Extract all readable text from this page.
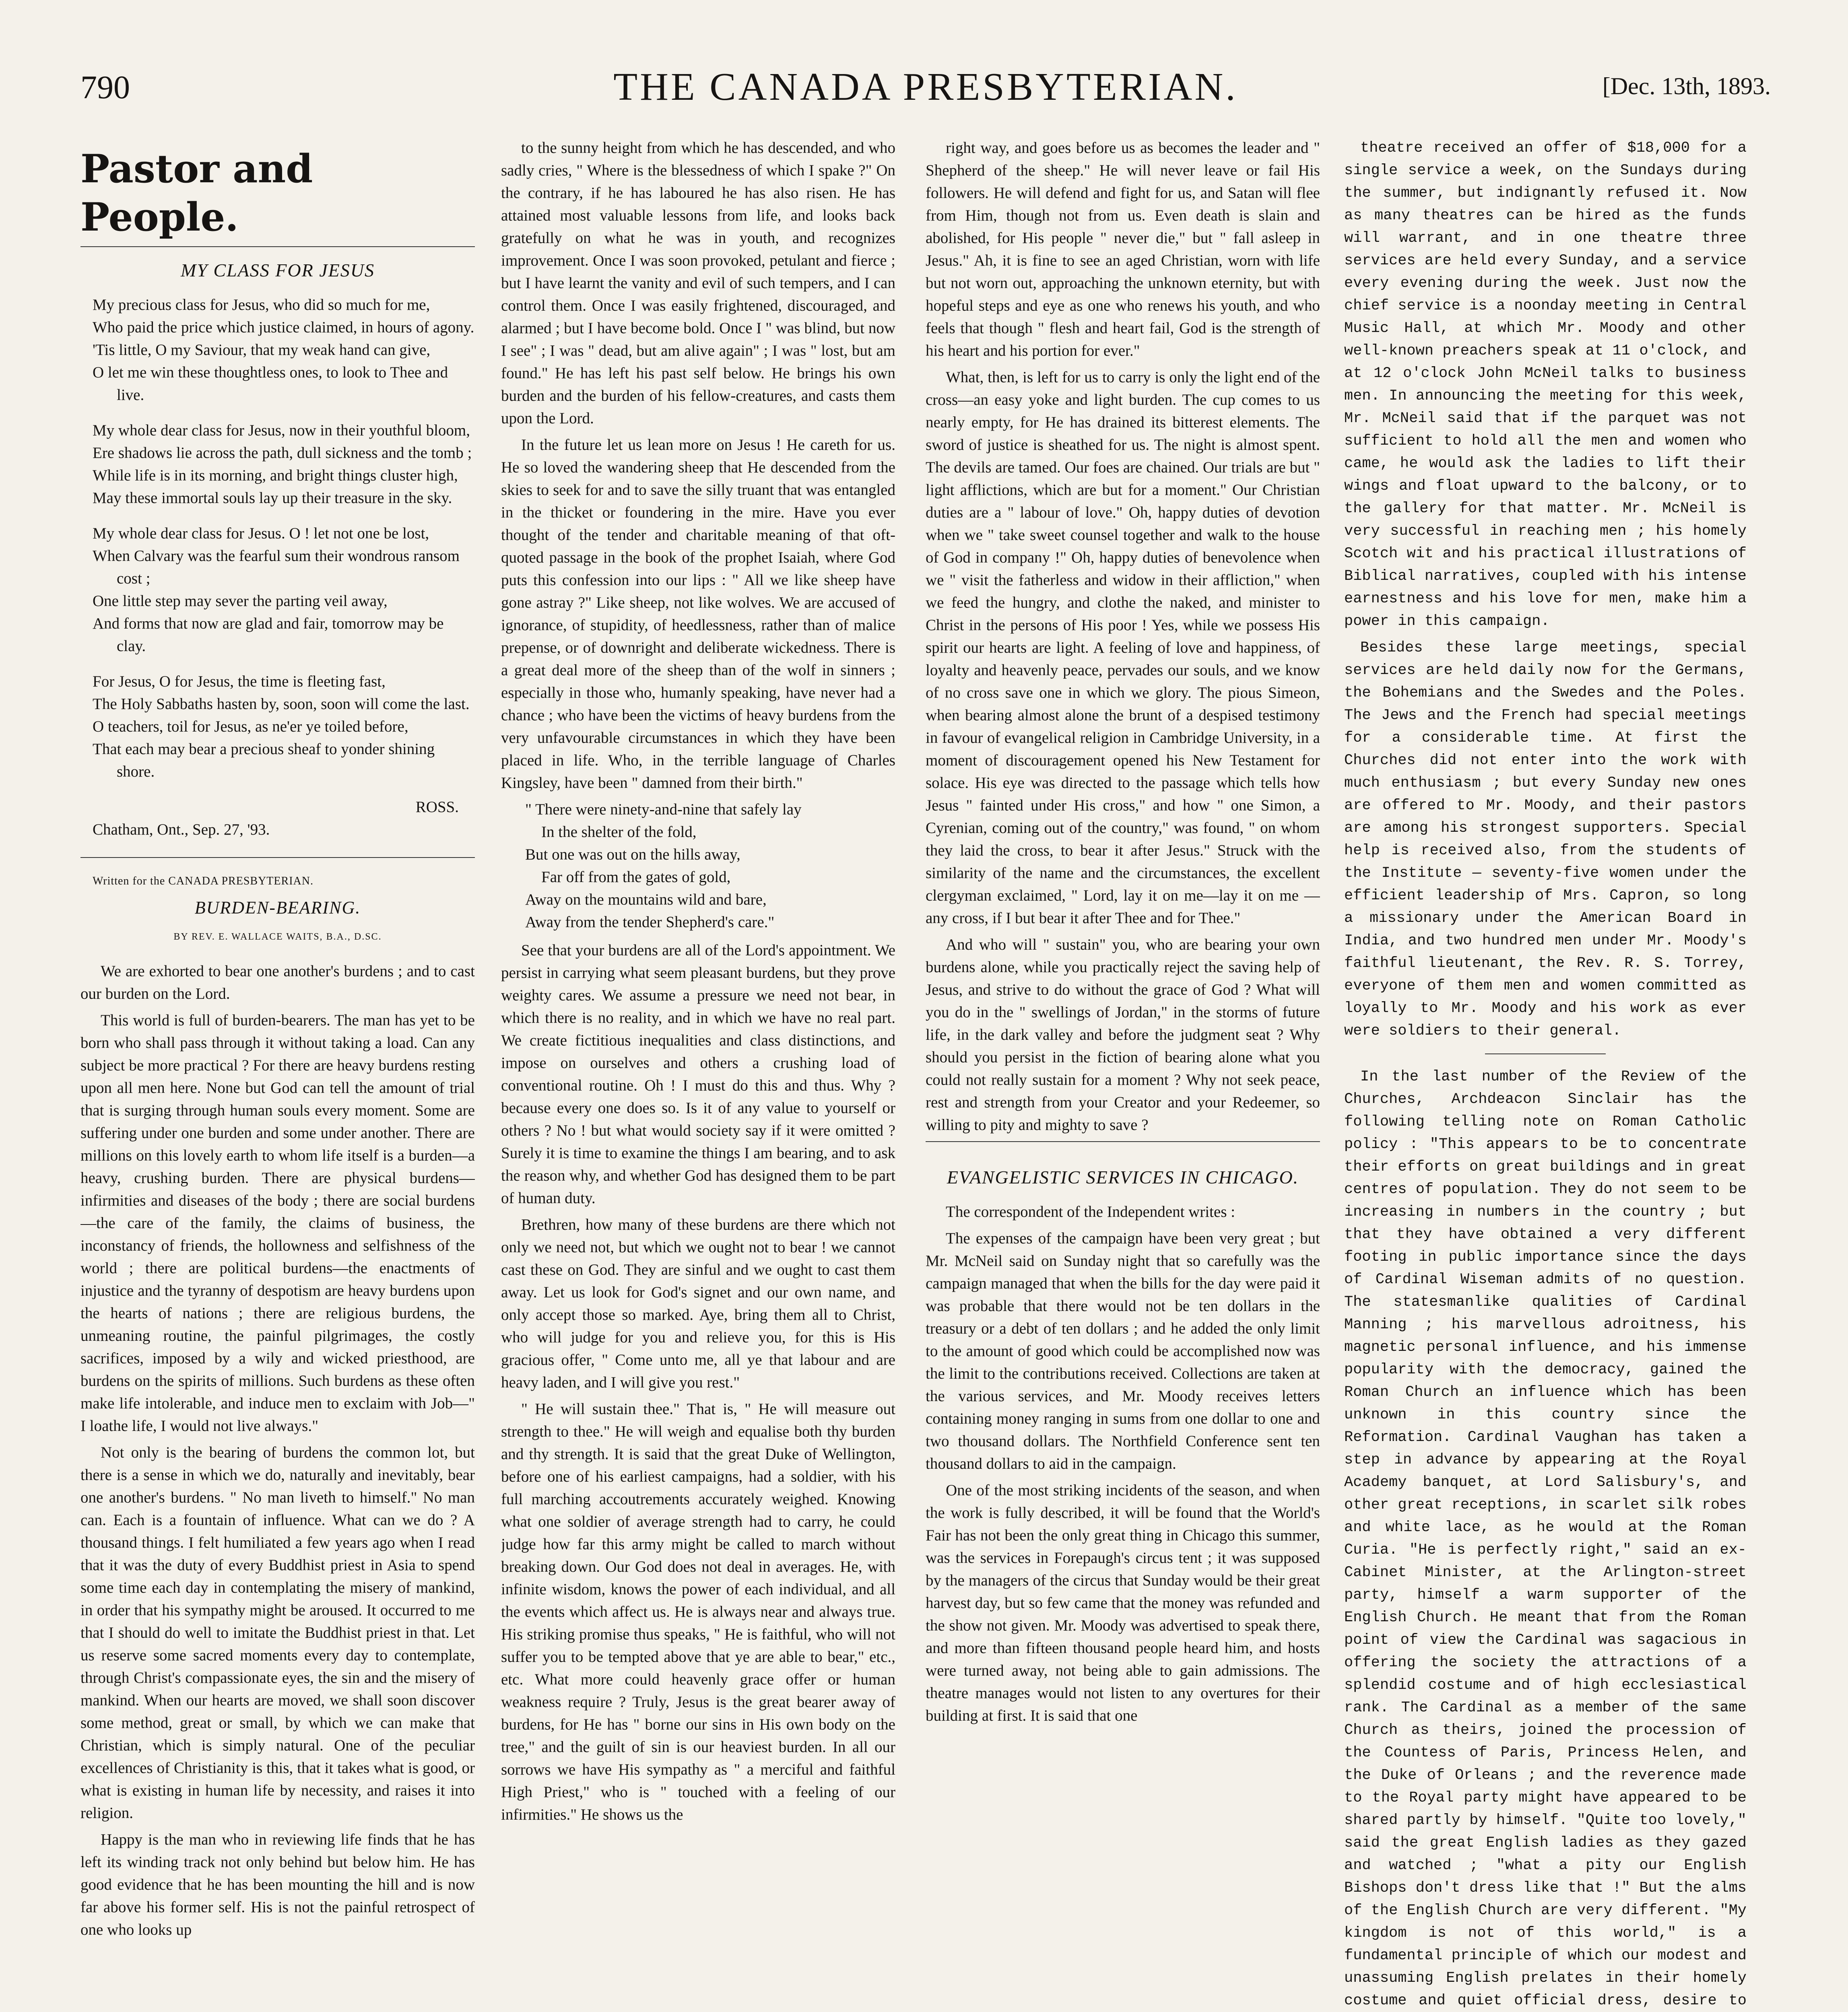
790	THE CANADA PRESBYTERIAN.	[Dec. 13th, 1893.
Pastor and People.
MY CLASS FOR JESUS
My precious class for Jesus, who did so much for me,
Who paid the price which justice claimed, in hours of agony.
'Tis little, O my Saviour, that my weak hand can give,
O let me win these thoughtless ones, to look to Thee and live.
My whole dear class for Jesus, now in their youthful bloom,
Ere shadows lie across the path, dull sickness and the tomb ;
While life is in its morning, and bright things cluster high,
May these immortal souls lay up their treasure in the sky.
My whole dear class for Jesus. O ! let not one be lost,
When Calvary was the fearful sum their wondrous ransom cost ;
One little step may sever the parting veil away,
And forms that now are glad and fair, tomorrow may be clay.
For Jesus, O for Jesus, the time is fleeting fast,
The Holy Sabbaths hasten by, soon, soon will come the last.
O teachers, toil for Jesus, as ne'er ye toiled before,
That each may bear a precious sheaf to yonder shining shore.
ROSS.
Chatham, Ont., Sep. 27, '93.
Written for the CANADA PRESBYTERIAN.
BURDEN-BEARING.
BY REV. E. WALLACE WAITS, B.A., D.SC.

We are exhorted to bear one another's burdens ; and to cast our burden on the Lord.

This world is full of burden-bearers. The man has yet to be born who shall pass through it without taking a load. Can any subject be more practical ? For there are heavy burdens resting upon all men here. None but God can tell the amount of trial that is surging through human souls every moment. Some are suffering under one burden and some under another. There are millions on this lovely earth to whom life itself is a burden—a heavy, crushing burden. There are physical burdens—infirmities and diseases of the body ; there are social burdens—the care of the family, the claims of business, the inconstancy of friends, the hollowness and selfishness of the world ; there are political burdens—the enactments of injustice and the tyranny of despotism are heavy burdens upon the hearts of nations ; there are religious burdens, the unmeaning routine, the painful pilgrimages, the costly sacrifices, imposed by a wily and wicked priesthood, are burdens on the spirits of millions. Such burdens as these often make life intolerable, and induce men to exclaim with Job—" I loathe life, I would not live always."

Not only is the bearing of burdens the common lot, but there is a sense in which we do, naturally and inevitably, bear one another's burdens. " No man liveth to himself." No man can. Each is a fountain of influence. What can we do ? A thousand things. I felt humiliated a few years ago when I read that it was the duty of every Buddhist priest in Asia to spend some time each day in contemplating the misery of mankind, in order that his sympathy might be aroused. It occurred to me that I should do well to imitate the Buddhist priest in that. Let us reserve some sacred moments every day to contemplate, through Christ's compassionate eyes, the sin and the misery of mankind. When our hearts are moved, we shall soon discover some method, great or small, by which we can make that Christian, which is simply natural. One of the peculiar excellences of Christianity is this, that it takes what is good, or what is existing in human life by necessity, and raises it into religion.

Happy is the man who in reviewing life finds that he has left its winding track not only behind but below him. He has good evidence that he has been mounting the hill and is now far above his former self. His is not the painful retrospect of one who looks up

to the sunny height from which he has descended, and who sadly cries, " Where is the blessedness of which I spake ?" On the contrary, if he has laboured he has also risen. He has attained most valuable lessons from life, and looks back gratefully on what he was in youth, and recognizes improvement. Once I was soon provoked, petulant and fierce ; but I have learnt the vanity and evil of such tempers, and I can control them. Once I was easily frightened, discouraged, and alarmed ; but I have become bold. Once I " was blind, but now I see" ; I was " dead, but am alive again" ; I was " lost, but am found." He has left his past self below. He brings his own burden and the burden of his fellow-creatures, and casts them upon the Lord.

In the future let us lean more on Jesus ! He careth for us. He so loved the wandering sheep that He descended from the skies to seek for and to save the silly truant that was entangled in the thicket or foundering in the mire. Have you ever thought of the tender and charitable meaning of that oft-quoted passage in the book of the prophet Isaiah, where God puts this confession into our lips : " All we like sheep have gone astray ?" Like sheep, not like wolves. We are accused of ignorance, of stupidity, of heedlessness, rather than of malice prepense, or of downright and deliberate wickedness. There is a great deal more of the sheep than of the wolf in sinners ; especially in those who, humanly speaking, have never had a chance ; who have been the victims of heavy burdens from the very unfavourable circumstances in which they have been placed in life. Who, in the terrible language of Charles Kingsley, have been " damned from their birth."

" There were ninety-and-nine that safely lay
In the shelter of the fold,
But one was out on the hills away,
Far off from the gates of gold,
Away on the mountains wild and bare,
Away from the tender Shepherd's care."

See that your burdens are all of the Lord's appointment. We persist in carrying what seem pleasant burdens, but they prove weighty cares. We assume a pressure we need not bear, in which there is no reality, and in which we have no real part. We create fictitious inequalities and class distinctions, and impose on ourselves and others a crushing load of conventional routine. Oh ! I must do this and thus. Why ? because every one does so. Is it of any value to yourself or others ? No ! but what would society say if it were omitted ? Surely it is time to examine the things I am bearing, and to ask the reason why, and whether God has designed them to be part of human duty.

Brethren, how many of these burdens are there which not only we need not, but which we ought not to bear ! we cannot cast these on God. They are sinful and we ought to cast them away. Let us look for God's signet and our own name, and only accept those so marked. Aye, bring them all to Christ, who will judge for you and relieve you, for this is His gracious offer, " Come unto me, all ye that labour and are heavy laden, and I will give you rest."

" He will sustain thee." That is, " He will measure out strength to thee." He will weigh and equalise both thy burden and thy strength. It is said that the great Duke of Wellington, before one of his earliest campaigns, had a soldier, with his full marching accoutrements accurately weighed. Knowing what one soldier of average strength had to carry, he could judge how far this army might be called to march without breaking down. Our God does not deal in averages. He, with infinite wisdom, knows the power of each individual, and all the events which affect us. He is always near and always true. His striking promise thus speaks, " He is faithful, who will not suffer you to be tempted above that ye are able to bear," etc., etc. What more could heavenly grace offer or human weakness require ? Truly, Jesus is the great bearer away of burdens, for He has " borne our sins in His own body on the tree," and the guilt of sin is our heaviest burden. In all our sorrows we have His sympathy as " a merciful and faithful High Priest," who is " touched with a feeling of our infirmities." He shows us the

right way, and goes before us as becomes the leader and " Shepherd of the sheep." He will never leave or fail His followers. He will defend and fight for us, and Satan will flee from Him, though not from us. Even death is slain and abolished, for His people " never die," but " fall asleep in Jesus." Ah, it is fine to see an aged Christian, worn with life but not worn out, approaching the unknown eternity, but with hopeful steps and eye as one who renews his youth, and who feels that though " flesh and heart fail, God is the strength of his heart and his portion for ever."

What, then, is left for us to carry is only the light end of the cross—an easy yoke and light burden. The cup comes to us nearly empty, for He has drained its bitterest elements. The sword of justice is sheathed for us. The night is almost spent. The devils are tamed. Our foes are chained. Our trials are but " light afflictions, which are but for a moment." Our Christian duties are a " labour of love." Oh, happy duties of devotion when we " take sweet counsel together and walk to the house of God in company !" Oh, happy duties of benevolence when we " visit the fatherless and widow in their affliction," when we feed the hungry, and clothe the naked, and minister to Christ in the persons of His poor ! Yes, while we possess His spirit our hearts are light. A feeling of love and happiness, of loyalty and heavenly peace, pervades our souls, and we know of no cross save one in which we glory. The pious Simeon, when bearing almost alone the brunt of a despised testimony in favour of evangelical religion in Cambridge University, in a moment of discouragement opened his New Testament for solace. His eye was directed to the passage which tells how Jesus " fainted under His cross," and how " one Simon, a Cyrenian, coming out of the country," was found, " on whom they laid the cross, to bear it after Jesus." Struck with the similarity of the name and the circumstances, the excellent clergyman exclaimed, " Lord, lay it on me—lay it on me — any cross, if I but bear it after Thee and for Thee."

And who will " sustain" you, who are bearing your own burdens alone, while you practically reject the saving help of Jesus, and strive to do without the grace of God ? What will you do in the " swellings of Jordan," in the storms of future life, in the dark valley and before the judgment seat ? Why should you persist in the fiction of bearing alone what you could not really sustain for a moment ? Why not seek peace, rest and strength from your Creator and your Redeemer, so willing to pity and mighty to save ?

EVANGELISTIC SERVICES IN CHICAGO.

The correspondent of the Independent writes :

The expenses of the campaign have been very great ; but Mr. McNeil said on Sunday night that so carefully was the campaign managed that when the bills for the day were paid it was probable that there would not be ten dollars in the treasury or a debt of ten dollars ; and he added the only limit to the amount of good which could be accomplished now was the limit to the contributions received. Collections are taken at the various services, and Mr. Moody receives letters containing money ranging in sums from one dollar to one and two thousand dollars. The Northfield Conference sent ten thousand dollars to aid in the campaign.

One of the most striking incidents of the season, and when the work is fully described, it will be found that the World's Fair has not been the only great thing in Chicago this summer, was the services in Forepaugh's circus tent ; it was supposed by the managers of the circus that Sunday would be their great harvest day, but so few came that the money was refunded and the show not given. Mr. Moody was advertised to speak there, and more than fifteen thousand people heard him, and hosts were turned away, not being able to gain admissions. The theatre manages would not listen to any overtures for their building at first. It is said that one

theatre received an offer of $18,000 for a single service a week, on the Sundays during the summer, but indignantly refused it. Now as many theatres can be hired as the funds will warrant, and in one theatre three services are held every Sunday, and a service every evening during the week. Just now the chief service is a noonday meeting in Central Music Hall, at which Mr. Moody and other well-known preachers speak at 11 o'clock, and at 12 o'clock John McNeil talks to business men. In announcing the meeting for this week, Mr. McNeil said that if the parquet was not sufficient to hold all the men and women who came, he would ask the ladies to lift their wings and float upward to the balcony, or to the gallery for that matter. Mr. McNeil is very successful in reaching men ; his homely Scotch wit and his practical illustrations of Biblical narratives, coupled with his intense earnestness and his love for men, make him a power in this campaign.

Besides these large meetings, special services are held daily now for the Germans, the Bohemians and the Swedes and the Poles. The Jews and the French had special meetings for a considerable time. At first the Churches did not enter into the work with much enthusiasm ; but every Sunday new ones are offered to Mr. Moody, and their pastors are among his strongest supporters. Special help is received also, from the students of the Institute — seventy-five women under the efficient leadership of Mrs. Capron, so long a missionary under the American Board in India, and two hundred men under Mr. Moody's faithful lieutenant, the Rev. R. S. Torrey, everyone of them men and women committed as loyally to Mr. Moody and his work as ever were soldiers to their general.

In the last number of the Review of the Churches, Archdeacon Sinclair has the following telling note on Roman Catholic policy : "This appears to be to concentrate their efforts on great buildings and in great centres of population. They do not seem to be increasing in numbers in the country ; but that they have obtained a very different footing in public importance since the days of Cardinal Wiseman admits of no question. The statesmanlike qualities of Cardinal Manning ; his marvellous adroitness, his magnetic personal influence, and his immense popularity with the democracy, gained the Roman Church an influence which has been unknown in this country since the Reformation. Cardinal Vaughan has taken a step in advance by appearing at the Royal Academy banquet, at Lord Salisbury's, and other great receptions, in scarlet silk robes and white lace, as he would at the Roman Curia. "He is perfectly right," said an ex-Cabinet Minister, at the Arlington-street party, himself a warm supporter of the English Church. He meant that from the Roman point of view the Cardinal was sagacious in offering the society the attractions of a splendid costume and of high ecclesiastical rank. The Cardinal as a member of the same Church as theirs, joined the procession of the Countess of Paris, Princess Helen, and the Duke of Orleans ; and the reverence made to the Royal party might have appeared to be shared partly by himself. "Quite too lovely," said the great English ladies as they gazed and watched ; "what a pity our English Bishops don't dress like that !" But the alms of the English Church are very different. "My kingdom is not of this world," is a fundamental principle of which our modest and unassuming English prelates in their homely costume and quiet official dress, desire to
